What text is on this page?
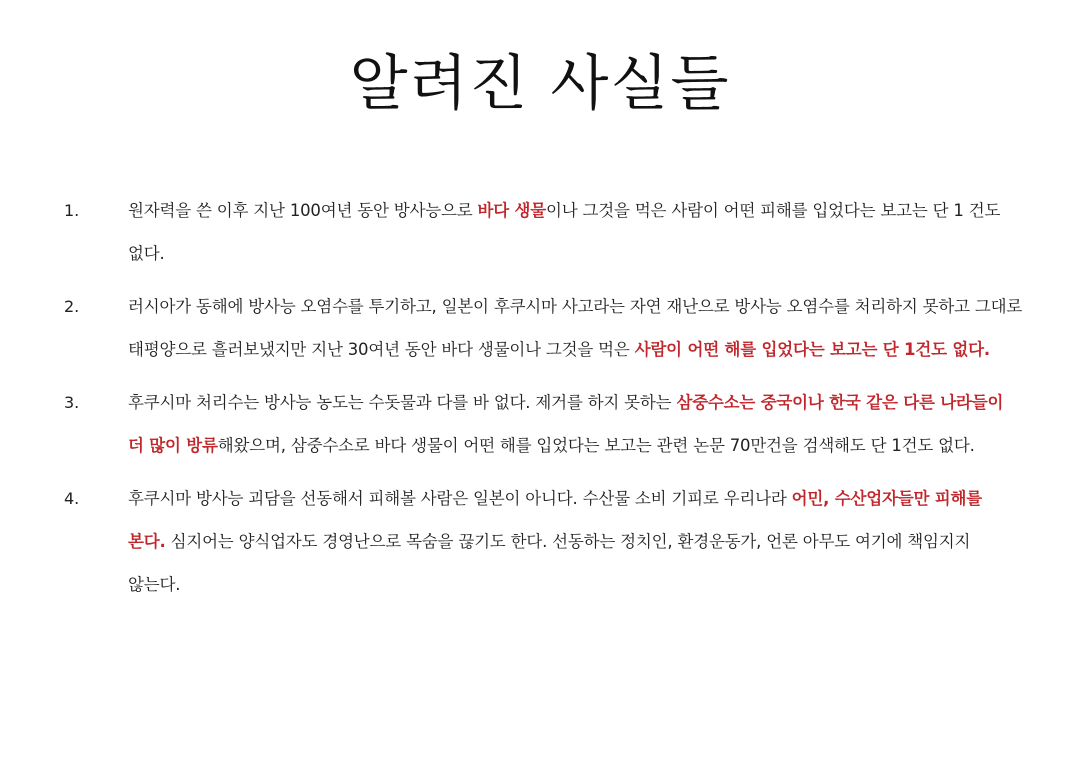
알려진 사실들
1.	원자력을 쓴 이후 지난 100여년 동안 방사능으로 바다 생물이나 그것을 먹은 사람이 어떤 피해를 입었다는 보고는 단 1 건도 없다.
2.	러시아가 동해에 방사능 오염수를 투기하고, 일본이 후쿠시마 사고라는 자연 재난으로 방사능 오염수를 처리하지 못하고 그대로 태평양으로 흘러보냈지만 지난 30여년 동안 바다 생물이나 그것을 먹은 사람이 어떤 해를 입었다는 보고는 단 1건도 없다.
3.	후쿠시마 처리수는 방사능 농도는 수돗물과 다를 바 없다. 제거를 하지 못하는 삼중수소는 중국이나 한국 같은 다른 나라들이 더 많이 방류해왔으며, 삼중수소로 바다 생물이 어떤 해를 입었다는 보고는 관련 논문 70만건을 검색해도 단 1건도 없다.
4.	후쿠시마 방사능 괴담을 선동해서 피해볼 사람은 일본이 아니다. 수산물 소비 기피로 우리나라 어민, 수산업자들만 피해를 본다. 심지어는 양식업자도 경영난으로 목숨을 끊기도 한다. 선동하는 정치인, 환경운동가, 언론 아무도 여기에 책임지지 않는다.
